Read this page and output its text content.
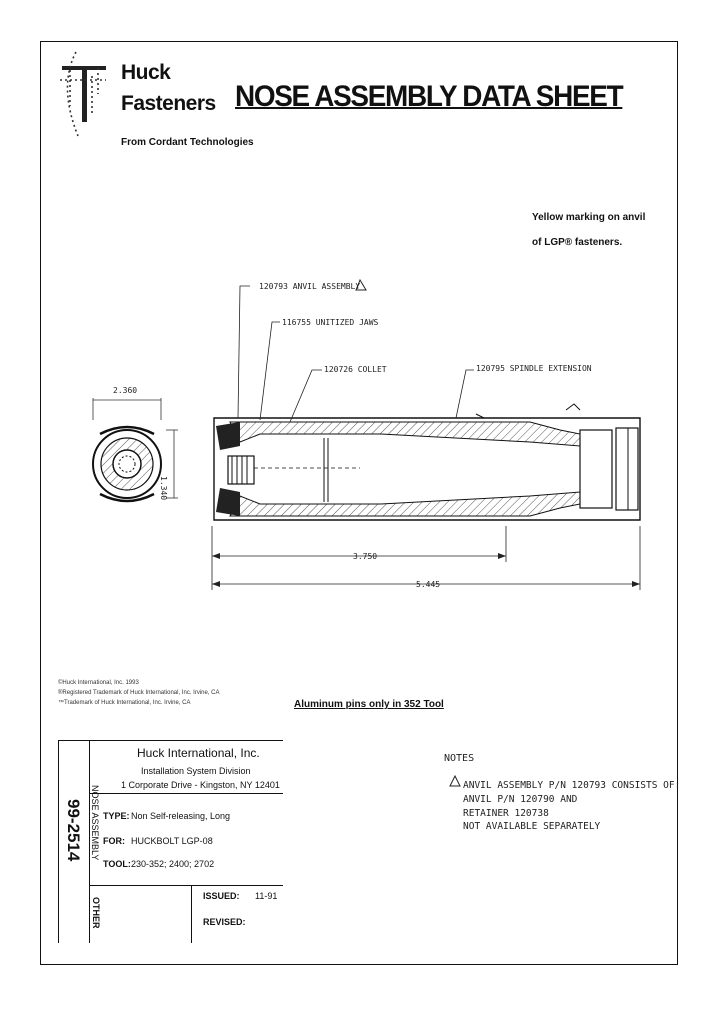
Huck
Fasteners
From Cordant Technologies
NOSE ASSEMBLY DATA SHEET
Yellow marking on anvil
of LGP® fasteners.
120793 ANVIL ASSEMBLY
116755 UNITIZED JAWS
120726 COLLET	120795 SPINDLE EXTENSION
2.360
1.340
3.750
5.445
©Huck International, Inc. 1993
®Registered Trademark of Huck International, Inc. Irvine, CA
™Trademark of Huck International, Inc. Irvine, CA	Aluminum pins only in 352 Tool
Huck International, Inc.
Installation System Division
1 Corporate Drive - Kingston, NY 12401
TYPE: Non Self-releasing, Long
FOR: HUCKBOLT LGP-08
TOOL: 230-352; 2400; 2702
ISSUED: 11-91
REVISED:
99-2514 NOSE ASSEMBLY
OTHER
NOTES
ANVIL ASSEMBLY P/N 120793 CONSISTS OF:
ANVIL P/N 120790 AND
RETAINER 120738
NOT AVAILABLE SEPARATELY
